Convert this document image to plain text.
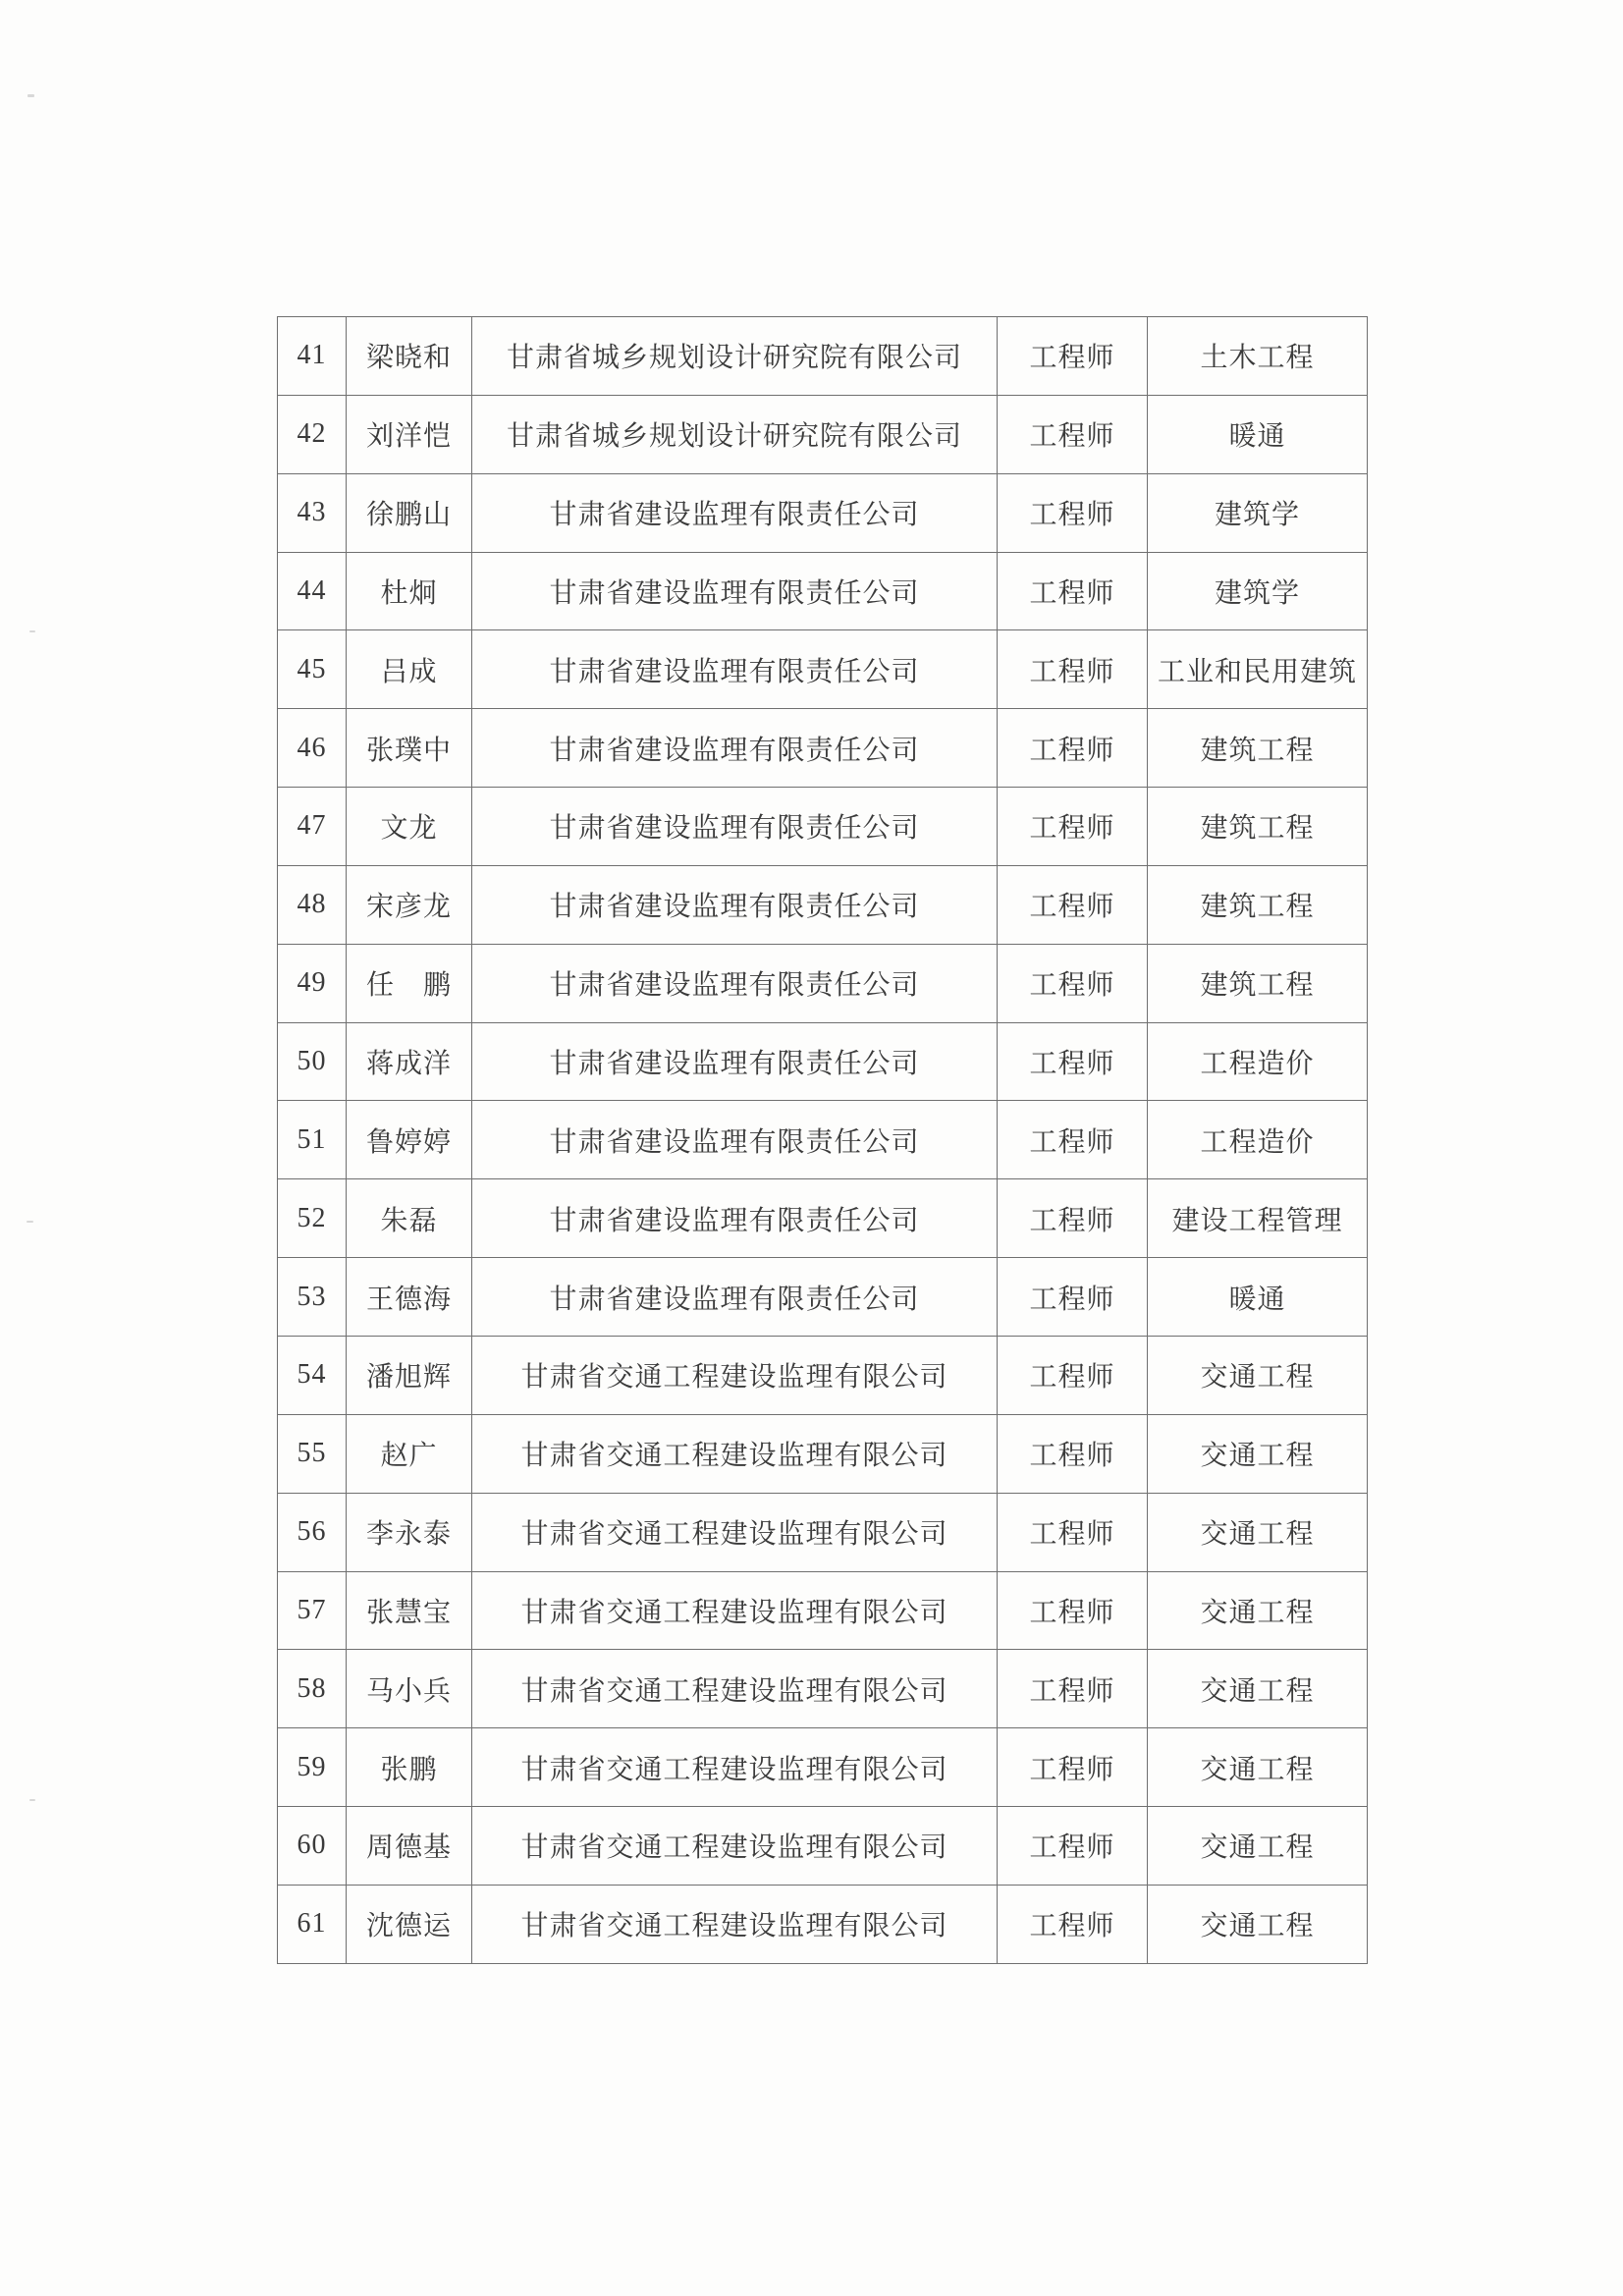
41	梁晓和	甘肃省城乡规划设计研究院有限公司	工程师	土木工程
42	刘洋恺	甘肃省城乡规划设计研究院有限公司	工程师	暖通
43	徐鹏山	甘肃省建设监理有限责任公司	工程师	建筑学
44	杜炯	甘肃省建设监理有限责任公司	工程师	建筑学
45	吕成	甘肃省建设监理有限责任公司	工程师	工业和民用建筑
46	张璞中	甘肃省建设监理有限责任公司	工程师	建筑工程
47	文龙	甘肃省建设监理有限责任公司	工程师	建筑工程
48	宋彦龙	甘肃省建设监理有限责任公司	工程师	建筑工程
49	任　鹏	甘肃省建设监理有限责任公司	工程师	建筑工程
50	蒋成洋	甘肃省建设监理有限责任公司	工程师	工程造价
51	鲁婷婷	甘肃省建设监理有限责任公司	工程师	工程造价
52	朱磊	甘肃省建设监理有限责任公司	工程师	建设工程管理
53	王德海	甘肃省建设监理有限责任公司	工程师	暖通
54	潘旭辉	甘肃省交通工程建设监理有限公司	工程师	交通工程
55	赵广	甘肃省交通工程建设监理有限公司	工程师	交通工程
56	李永泰	甘肃省交通工程建设监理有限公司	工程师	交通工程
57	张慧宝	甘肃省交通工程建设监理有限公司	工程师	交通工程
58	马小兵	甘肃省交通工程建设监理有限公司	工程师	交通工程
59	张鹏	甘肃省交通工程建设监理有限公司	工程师	交通工程
60	周德基	甘肃省交通工程建设监理有限公司	工程师	交通工程
61	沈德运	甘肃省交通工程建设监理有限公司	工程师	交通工程
